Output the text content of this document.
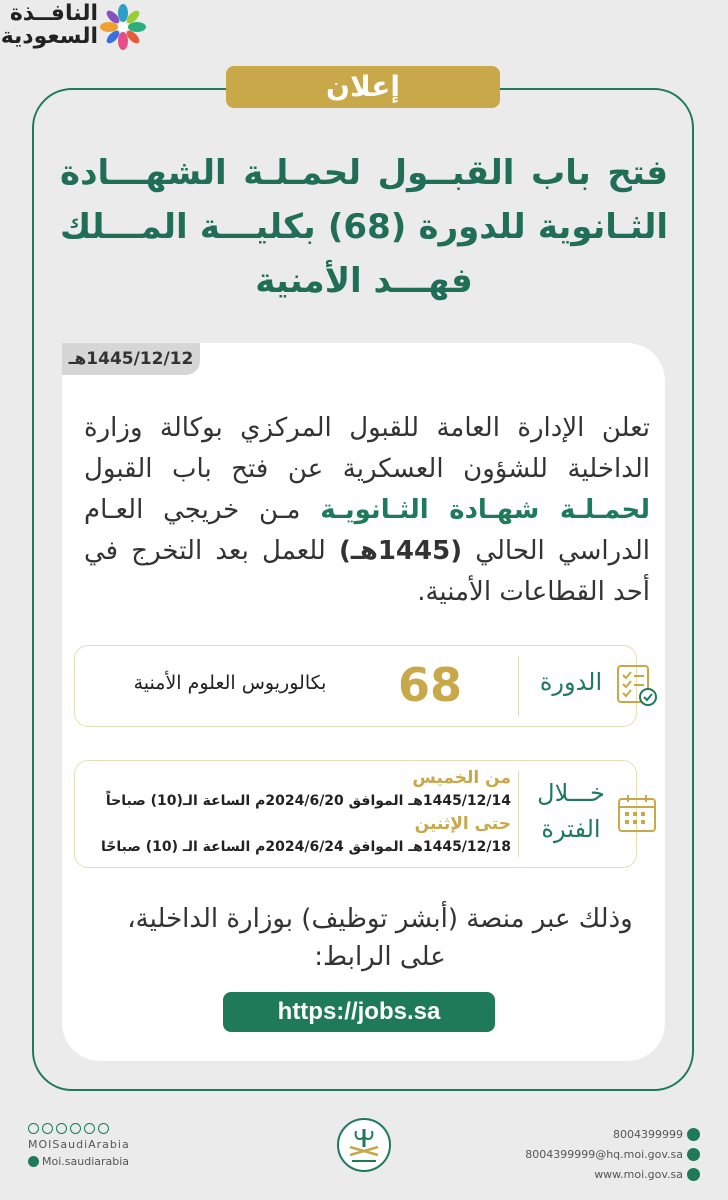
النافــذة
السعودية
إعلان
فتح باب القبــول لحمـلـة الشهـــادة الثـانوية للدورة (68) بكليـــة المـــلك فهـــد الأمنية
1445/12/12هـ
تعلن الإدارة العامة للقبول المركزي بوكالة وزارة الداخلية للشؤون العسكرية عن فتح باب القبول لحمـلـة شهـادة الثـانويـة مـن خريجي العـام الدراسي الحالي (1445هـ) للعمل بعد التخرج في أحد القطاعات الأمنية.
الدورة
68
بكالوريوس العلوم الأمنية
خـــلال
الفترة
من الخميس
1445/12/14هـ الموافق 2024/6/20م الساعة الـ(10) صباحاً
حتى الإثنين
1445/12/18هـ الموافق 2024/6/24م الساعة الـ (10) صباحًا
وذلك عبر منصة (أبشر توظيف) بوزارة الداخلية،
على الرابط:
https://jobs.sa
MOISaudiArabia
Moi.saudiarabia
8004399999
8004399999@hq.moi.gov.sa
www.moi.gov.sa
